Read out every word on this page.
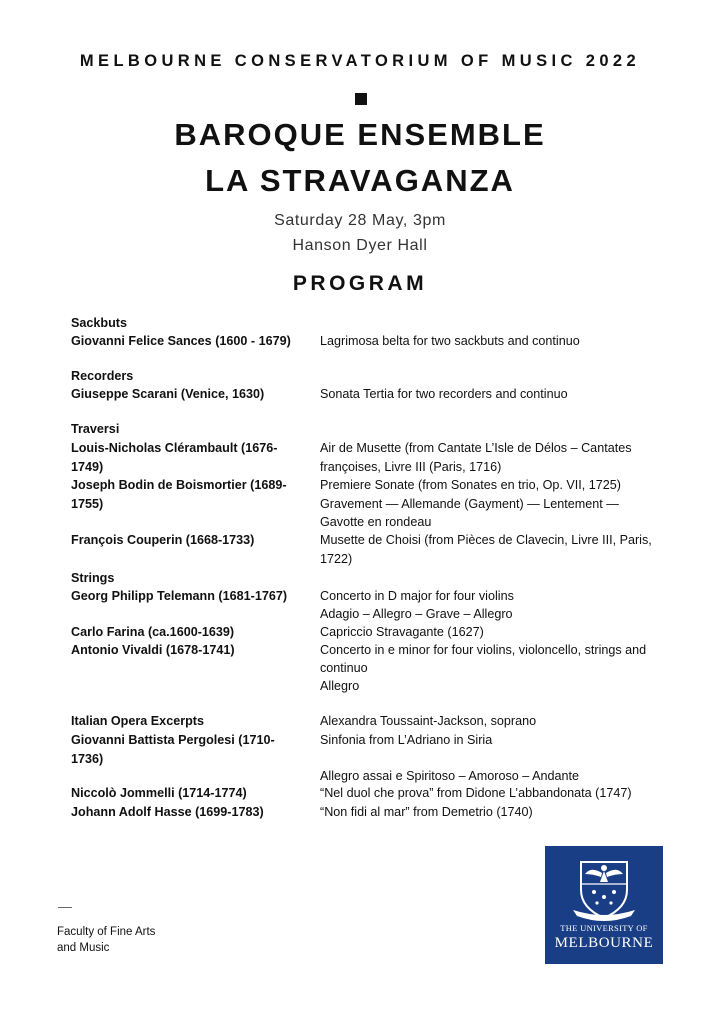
MELBOURNE CONSERVATORIUM OF MUSIC 2022
BAROQUE ENSEMBLE
LA STRAVAGANZA
Saturday 28 May, 3pm
Hanson Dyer Hall
PROGRAM
Sackbuts
Giovanni Felice Sances (1600 - 1679)
Recorders
Giuseppe Scarani (Venice, 1630)
Traversi
Louis-Nicholas Clérambault (1676-
1749)
Joseph Bodin de Boismortier (1689-
1755)
François Couperin (1668-1733)
Strings
Georg Philipp Telemann (1681-1767)
Carlo Farina (ca.1600-1639)
Antonio Vivaldi (1678-1741)
Italian Opera Excerpts
Giovanni Battista Pergolesi (1710-
1736)
Niccolò Jommelli (1714-1774)
Johann Adolf Hasse (1699-1783)
Lagrimosa belta for two sackbuts and continuo
Sonata Tertia for two recorders and continuo
Air de Musette (from Cantate L’Isle de Délos – Cantates
françoises, Livre III (Paris, 1716)
Premiere Sonate (from Sonates en trio, Op. VII, 1725)
Gravement — Allemande (Gayment) — Lentement —
Gavotte en rondeau
Musette de Choisi (from Pièces de Clavecin, Livre III, Paris,
1722)
Concerto in D major for four violins
Adagio – Allegro – Grave – Allegro
Capriccio Stravagante (1627)
Concerto in e minor for four violins, violoncello, strings and
continuo
Allegro
Alexandra Toussaint-Jackson, soprano
Sinfonia from L’Adriano in Siria
Allegro assai e Spiritoso – Amoroso – Andante
“Nel duol che prova” from Didone L’abbandonata (1747)
“Non fidi al mar” from Demetrio (1740)
Faculty of Fine Arts
and Music
THE UNIVERSITY OF
MELBOURNE
